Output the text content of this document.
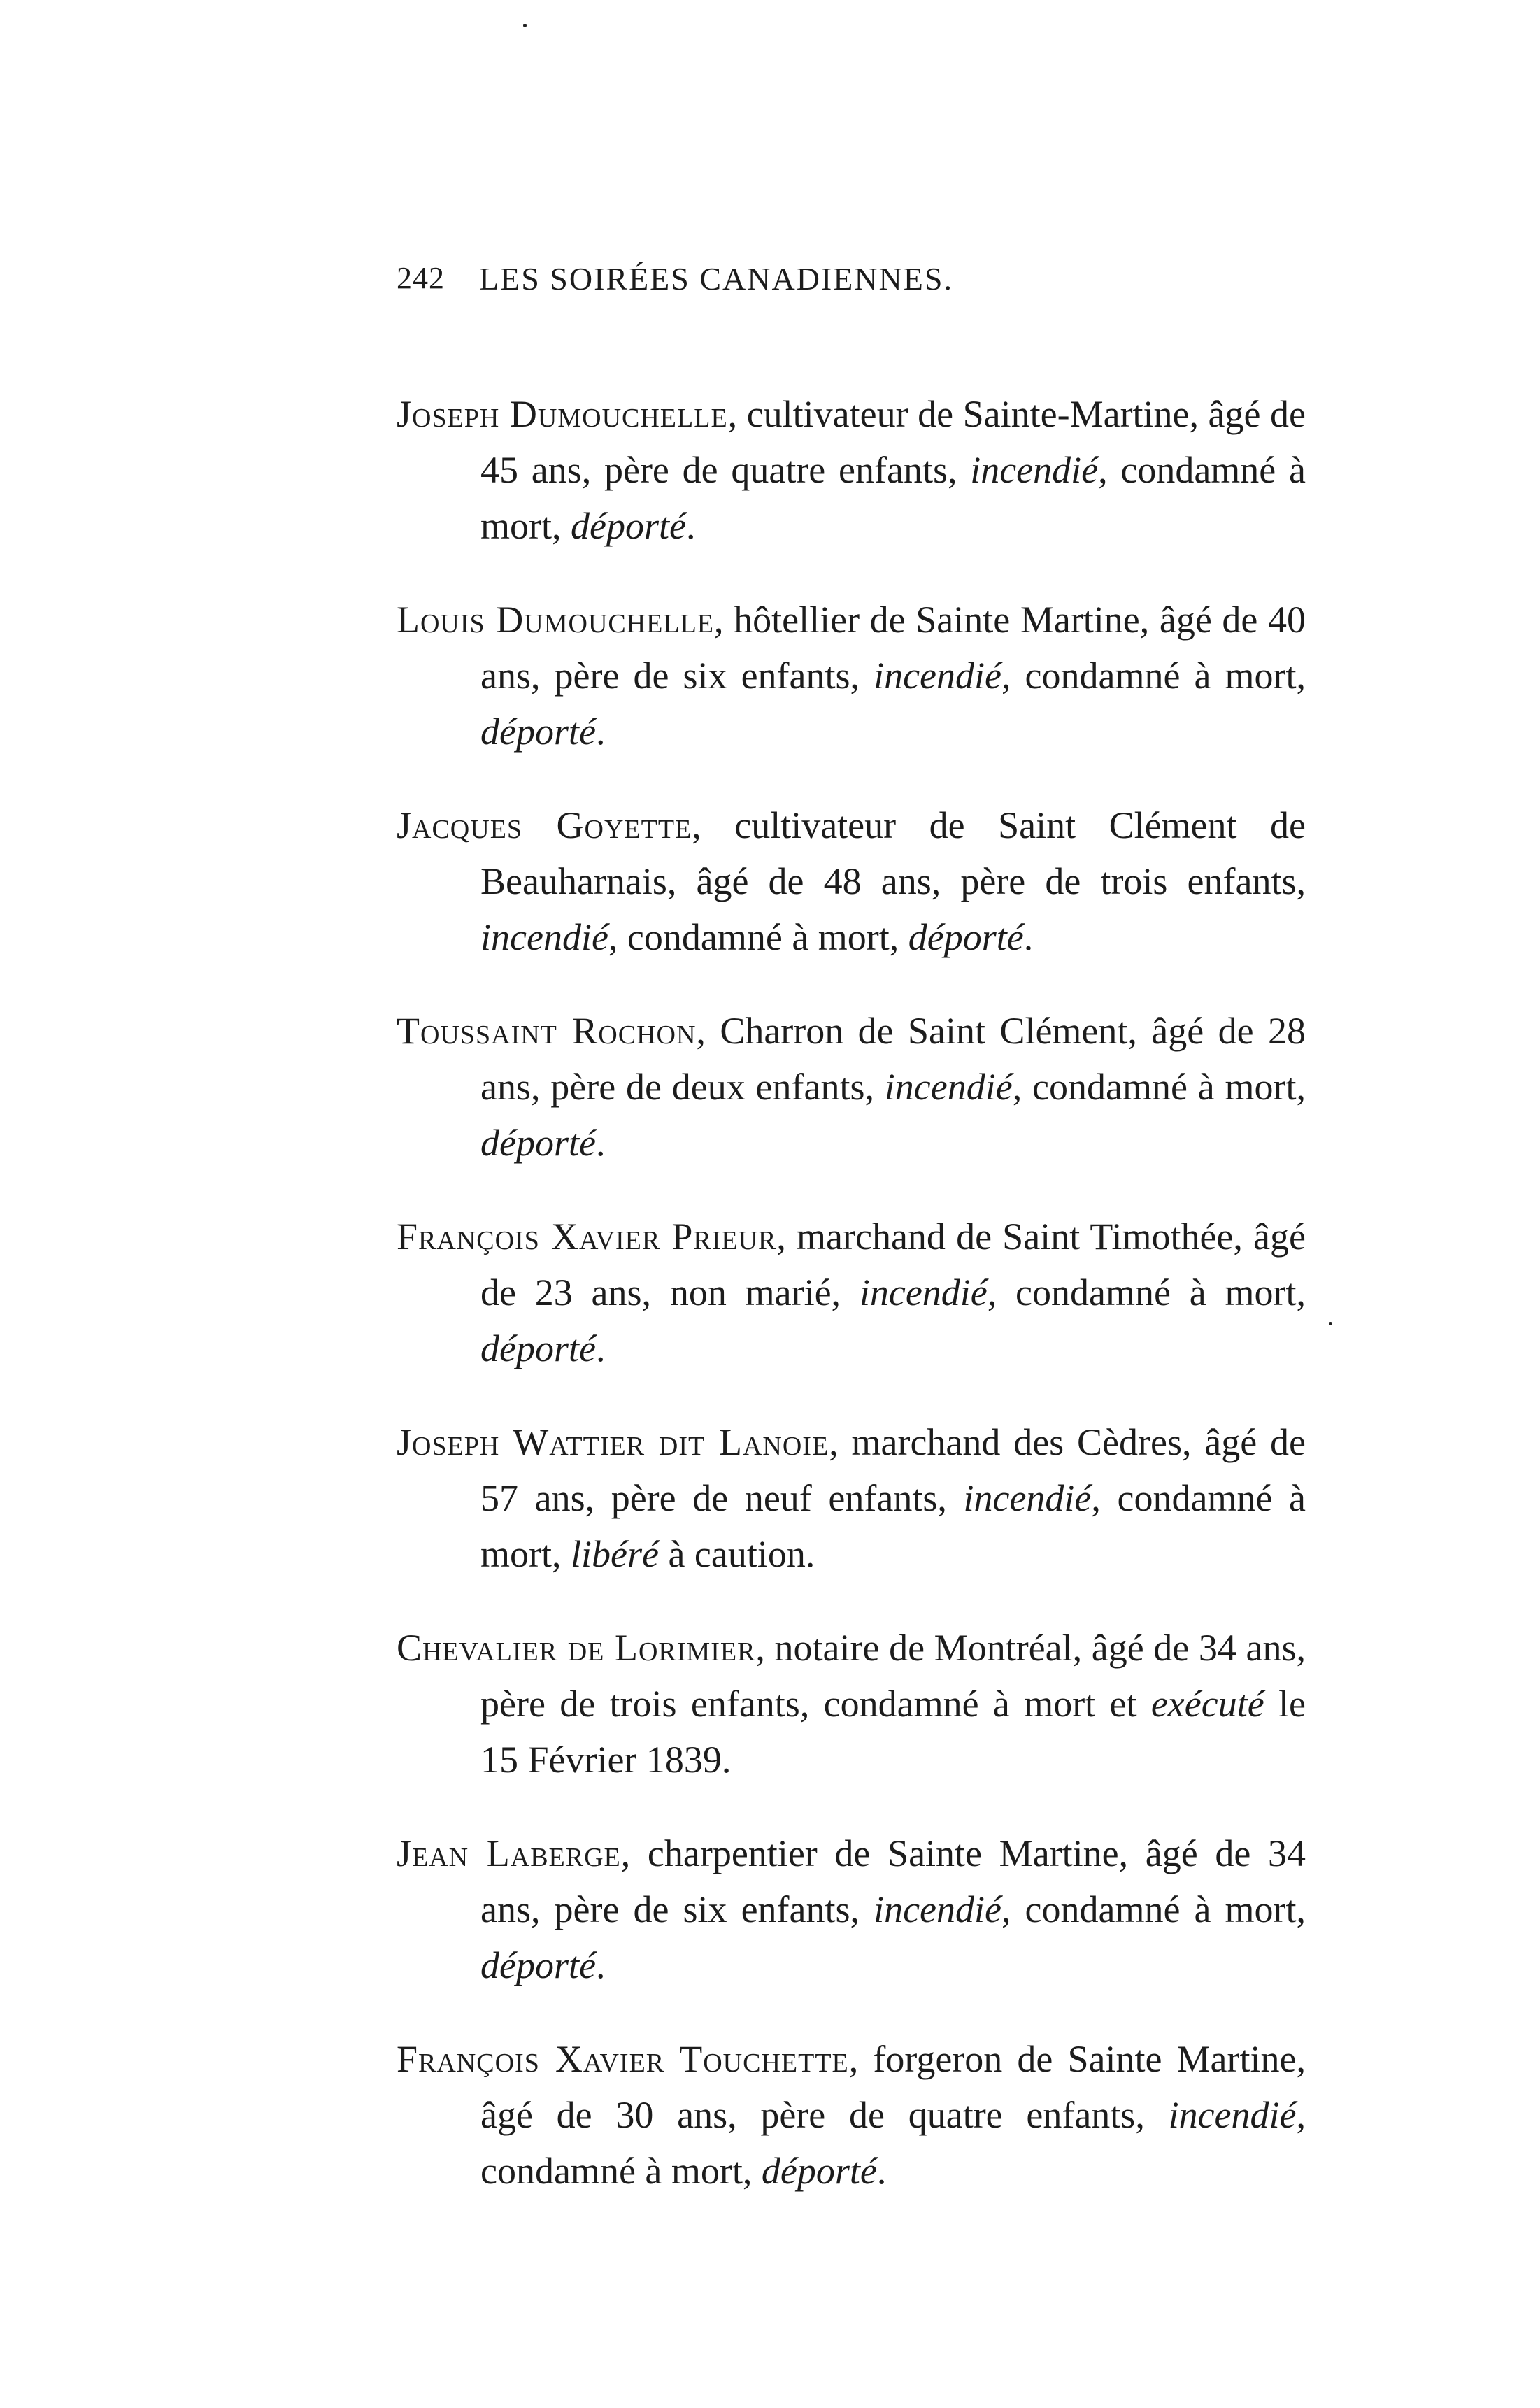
242 LES SOIRÉES CANADIENNES.

Joseph Dumouchelle, cultivateur de Sainte-Martine, âgé de 45 ans, père de quatre enfants, incendié, condamné à mort, déporté.

Louis Dumouchelle, hôtellier de Sainte Martine, âgé de 40 ans, père de six enfants, incendié, condamné à mort, déporté.

Jacques Goyette, cultivateur de Saint Clément de Beauharnais, âgé de 48 ans, père de trois enfants, incendié, condamné à mort, déporté.

Toussaint Rochon, Charron de Saint Clément, âgé de 28 ans, père de deux enfants, incendié, condamné à mort, déporté.

François Xavier Prieur, marchand de Saint Timothée, âgé de 23 ans, non marié, incendié, condamné à mort, déporté.

Joseph Wattier dit Lanoie, marchand des Cèdres, âgé de 57 ans, père de neuf enfants, incendié, condamné à mort, libéré à caution.

Chevalier de Lorimier, notaire de Montréal, âgé de 34 ans, père de trois enfants, condamné à mort et exécuté le 15 Février 1839.

Jean Laberge, charpentier de Sainte Martine, âgé de 34 ans, père de six enfants, incendié, condamné à mort, déporté.

François Xavier Touchette, forgeron de Sainte Martine, âgé de 30 ans, père de quatre enfants, incendié, condamné à mort, déporté.
